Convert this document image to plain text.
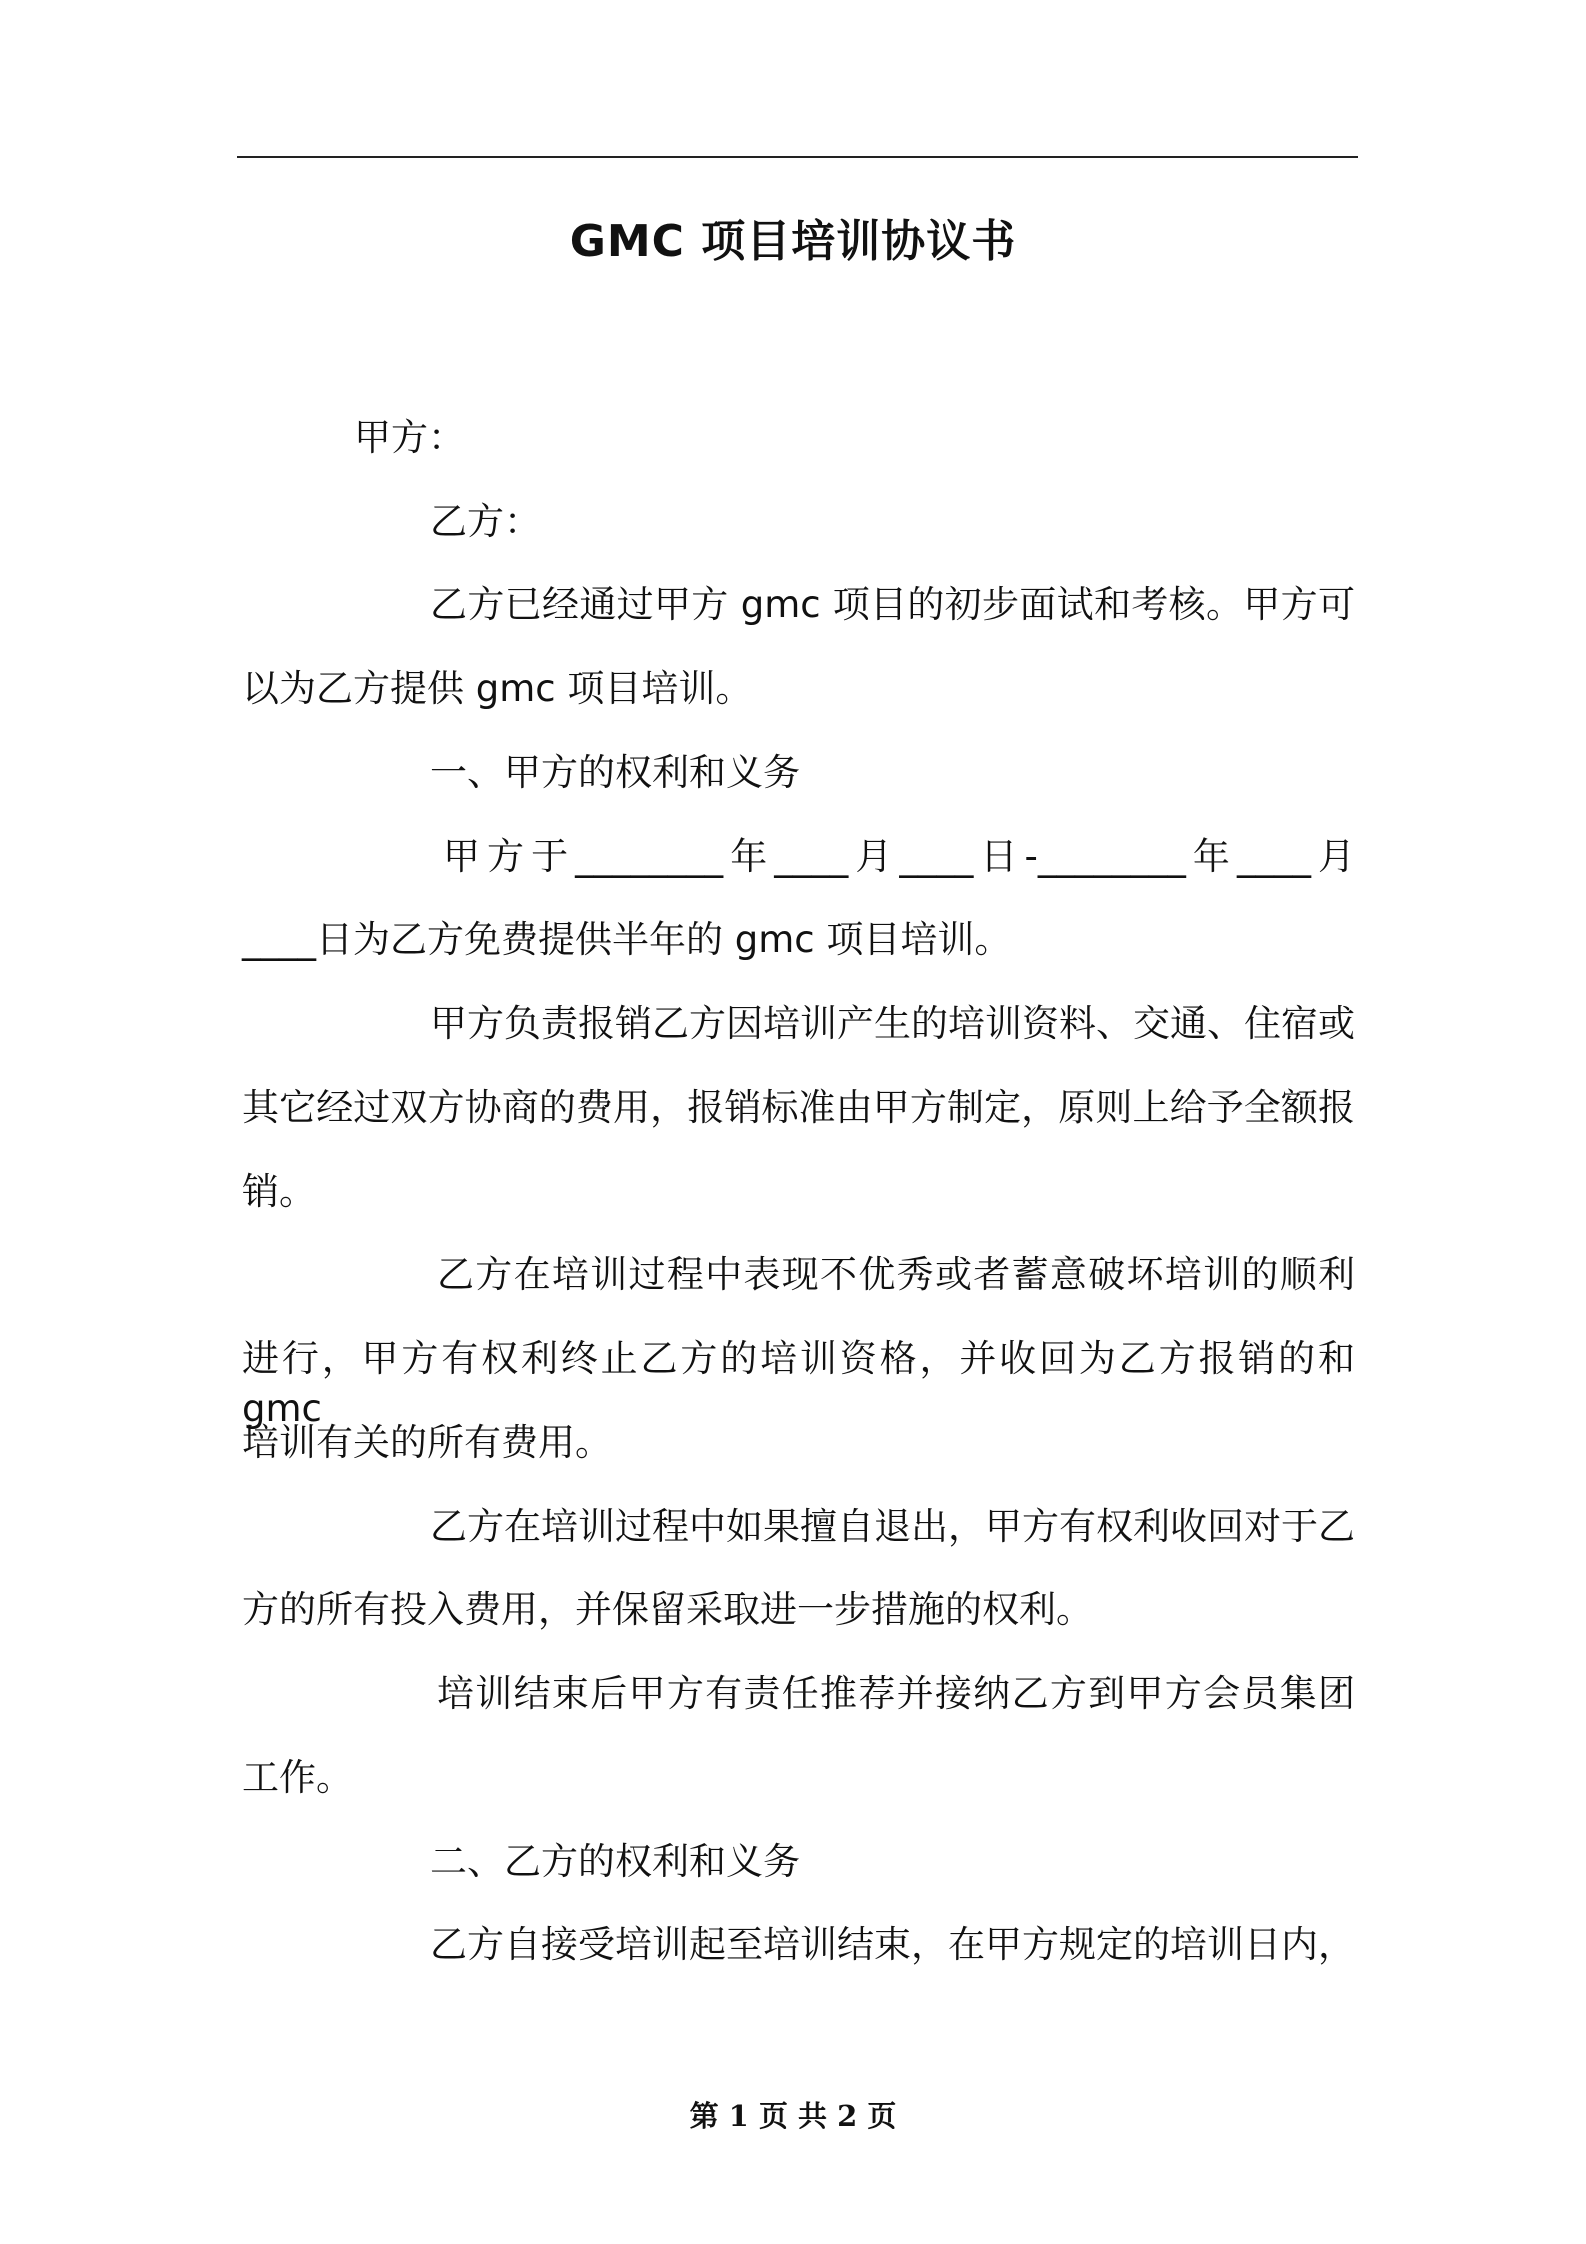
GMC 项目培训协议书
甲方：
乙方：
乙方已经通过甲方 gmc 项目的初步面试和考核。甲方可
以为乙方提供 gmc 项目培训。
一、甲方的权利和义务
甲方于________年____月____日-________年____月
____日为乙方免费提供半年的 gmc 项目培训。
甲方负责报销乙方因培训产生的培训资料、交通、住宿或
其它经过双方协商的费用，报销标准由甲方制定，原则上给予全额报
销。
乙方在培训过程中表现不优秀或者蓄意破坏培训的顺利
进行，甲方有权利终止乙方的培训资格，并收回为乙方报销的和 gmc
培训有关的所有费用。
乙方在培训过程中如果擅自退出，甲方有权利收回对于乙
方的所有投入费用，并保留采取进一步措施的权利。
培训结束后甲方有责任推荐并接纳乙方到甲方会员集团
工作。
二、乙方的权利和义务
乙方自接受培训起至培训结束，在甲方规定的培训日内，
第 1 页 共 2 页
